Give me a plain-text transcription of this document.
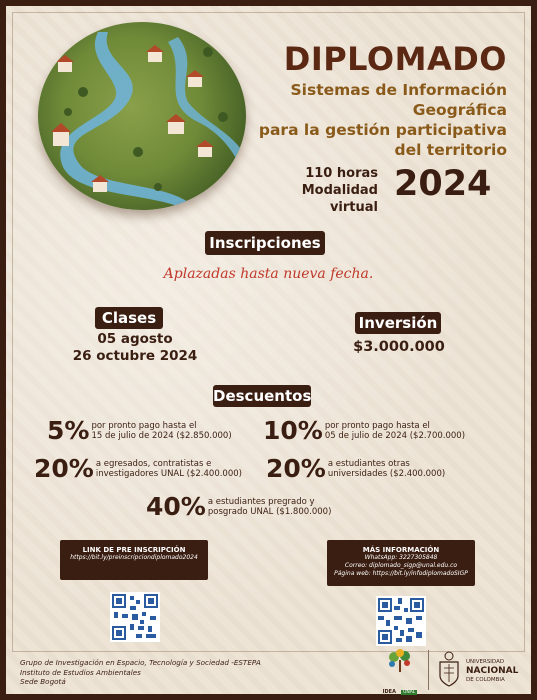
DIPLOMADO
Sistemas de Información Geográfica
para la gestión participativa
del territorio
110 horas
Modalidad virtual
2024
Inscripciones
Aplazadas hasta nueva fecha.
Clases
05 agosto
26 octubre 2024
Inversión
$3.000.000
Descuentos
5% por pronto pago hasta el
15 de julio de 2024 ($2.850.000) 10% por pronto pago hasta el
05 de julio de 2024 ($2.700.000)
20% a egresados, contratistas e
investigadores UNAL ($2.400.000) 20% a estudiantes otras
universidades ($2.400.000)
40% a estudiantes pregrado y
posgrado UNAL ($1.800.000)
LINK DE PRE INSCRIPCIÓN
https://bit.ly/preinscripciondiplomado2024
MÁS INFORMACIÓN
WhatsApp: 3227305848
Correo: diplomado_sigp@unal.edu.co
Página web: https://bit.ly/infodiplomadoSIGP
Grupo de Investigación en Espacio, Tecnología y Sociedad -ESTEPA
Instituto de Estudios Ambientales
Sede Bogotá
IDEA UNAL
UNIVERSIDAD
NACIONAL
DE COLOMBIA
